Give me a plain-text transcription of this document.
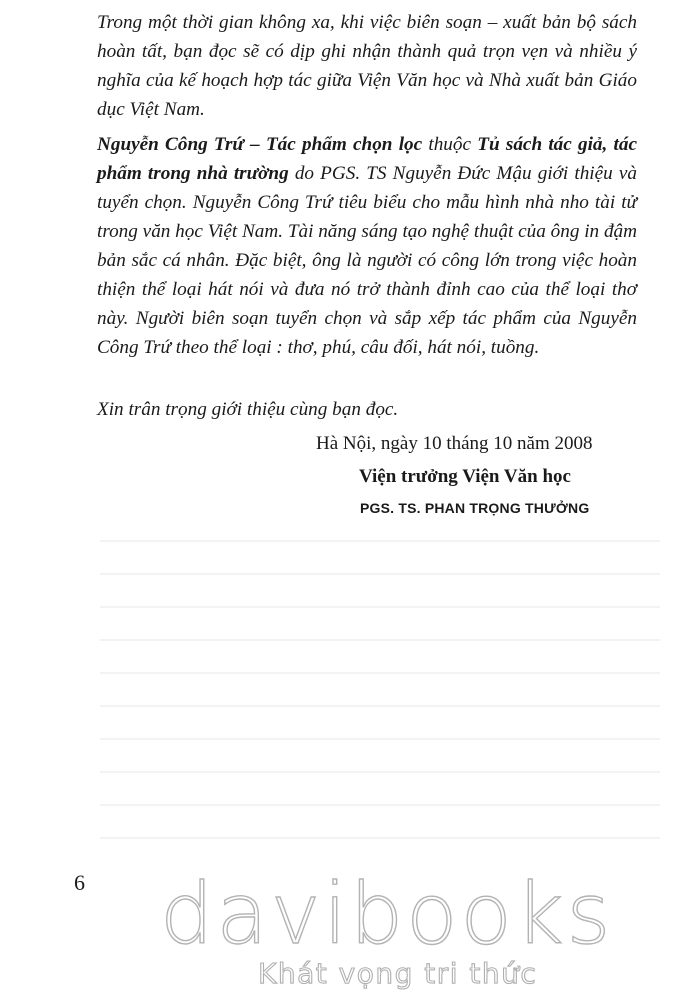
Trong một thời gian không xa, khi việc biên soạn – xuất bản bộ sách hoàn tất, bạn đọc sẽ có dịp ghi nhận thành quả trọn vẹn và nhiều ý nghĩa của kế hoạch hợp tác giữa Viện Văn học và Nhà xuất bản Giáo dục Việt Nam.

Nguyễn Công Trứ – Tác phẩm chọn lọc thuộc Tủ sách tác giả, tác phẩm trong nhà trường do PGS. TS Nguyễn Đức Mậu giới thiệu và tuyển chọn. Nguyễn Công Trứ tiêu biểu cho mẫu hình nhà nho tài tử trong văn học Việt Nam. Tài năng sáng tạo nghệ thuật của ông in đậm bản sắc cá nhân. Đặc biệt, ông là người có công lớn trong việc hoàn thiện thể loại hát nói và đưa nó trở thành đỉnh cao của thể loại thơ này. Người biên soạn tuyển chọn và sắp xếp tác phẩm của Nguyễn Công Trứ theo thể loại : thơ, phú, câu đối, hát nói, tuồng.

Xin trân trọng giới thiệu cùng bạn đọc.

Hà Nội, ngày 10 tháng 10 năm 2008
Viện trưởng Viện Văn học
PGS. TS. PHAN TRỌNG THƯỞNG
6 davibooks
Khát vọng tri thức
